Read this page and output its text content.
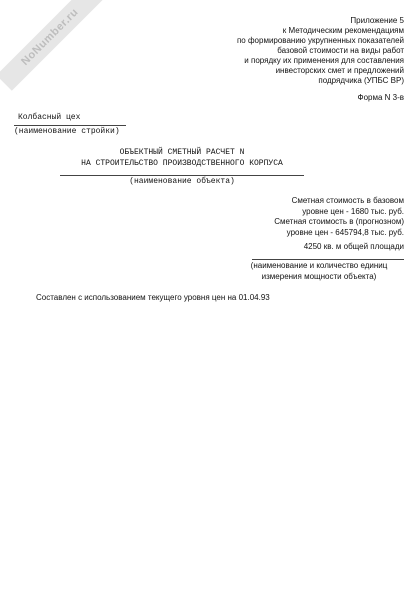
NoNumber.ru	Приложение 5
к Методическим рекомендациям
по формированию укрупненных показателей
базовой стоимости на виды работ
и порядку их применения для составления
инвесторских смет и предложений
подрядчика (УПБС ВР)
Форма N 3-в
Колбасный цех
(наименование стройки)
ОБЪЕКТНЫЙ СМЕТНЫЙ РАСЧЕТ N
НА СТРОИТЕЛЬСТВО ПРОИЗВОДСТВЕННОГО КОРПУСА
(наименование объекта)
Сметная стоимость в базовом
уровне цен - 1680 тыс. руб.
Сметная стоимость в (прогнозном)
уровне цен - 645794,8 тыс. руб.
4250 кв. м общей площади
(наименование и количество единиц
измерения мощности объекта)
Составлен с использованием текущего уровня цен на 01.04.93
